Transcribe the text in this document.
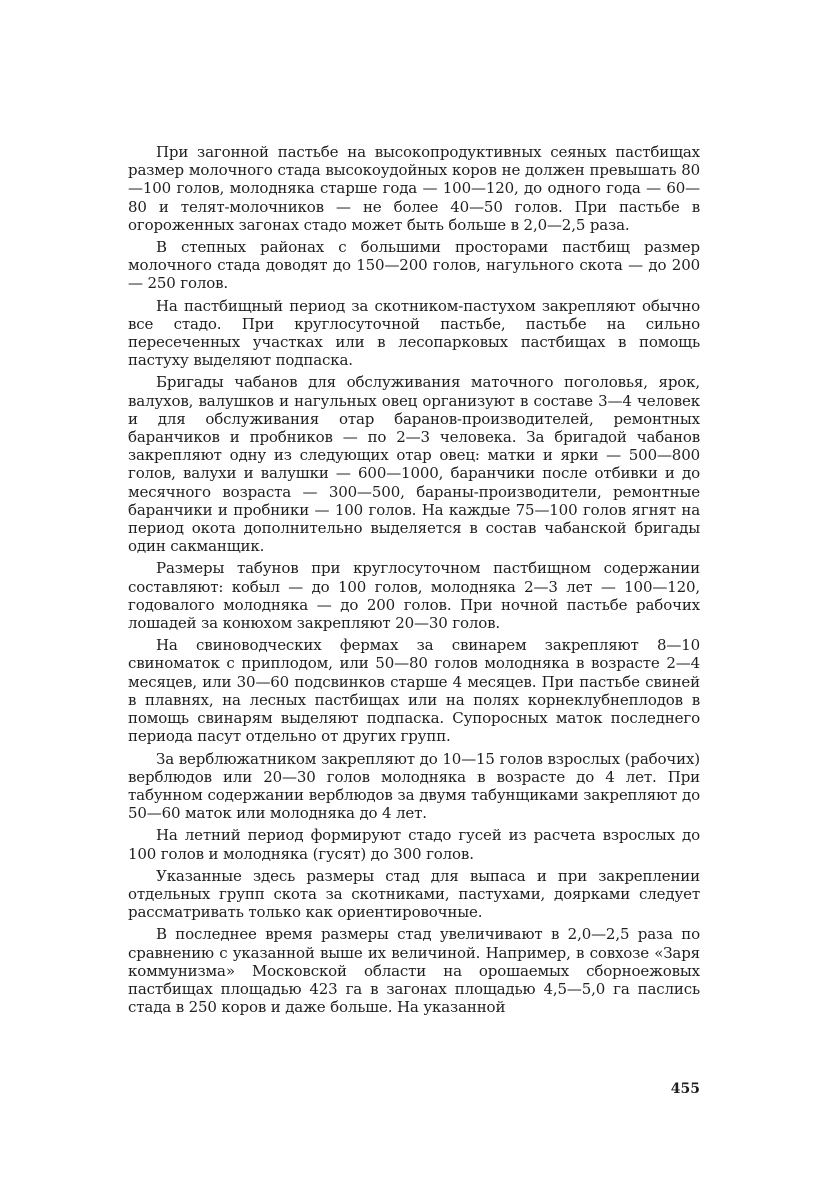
При загонной пастьбе на высокопродуктивных сеяных пастбищах размер молочного стада высокоудойных коров не должен превышать 80—100 голов, молодняка старше года — 100—120, до одного года — 60—80 и телят-молочников — не более 40—50 голов. При пастьбе в огороженных загонах стадо может быть больше в 2,0—2,5 раза.

В степных районах с большими просторами пастбищ размер молочного стада доводят до 150—200 голов, нагульного скота — до 200 — 250 голов.

На пастбищный период за скотником-пастухом закрепляют обычно все стадо. При круглосуточной пастьбе, пастьбе на сильно пересеченных участках или в лесопарковых пастбищах в помощь пастуху выделяют подпаска.

Бригады чабанов для обслуживания маточного поголовья, ярок, валухов, валушков и нагульных овец организуют в составе 3—4 человек и для обслуживания отар баранов-производителей, ремонтных баранчиков и пробников — по 2—3 человека. За бригадой чабанов закрепляют одну из следующих отар овец: матки и ярки — 500—800 голов, валухи и валушки — 600—1000, баранчики после отбивки и до месячного возраста — 300—500, бараны-производители, ремонтные баранчики и пробники — 100 голов. На каждые 75—100 голов ягнят на период окота дополнительно выделяется в состав чабанской бригады один сакманщик.

Размеры табунов при круглосуточном пастбищном содержании составляют: кобыл — до 100 голов, молодняка 2—3 лет — 100—120, годовалого молодняка — до 200 голов. При ночной пастьбе рабочих лошадей за конюхом закрепляют 20—30 голов.

На свиноводческих фермах за свинарем закрепляют 8—10 свиноматок с приплодом, или 50—80 голов молодняка в возрасте 2—4 месяцев, или 30—60 подсвинков старше 4 месяцев. При пастьбе свиней в плавнях, на лесных пастбищах или на полях корнеклубнеплодов в помощь свинарям выделяют подпаска. Супоросных маток последнего периода пасут отдельно от других групп.

За верблюжатником закрепляют до 10—15 голов взрослых (рабочих) верблюдов или 20—30 голов молодняка в возрасте до 4 лет. При табунном содержании верблюдов за двумя табунщиками закрепляют до 50—60 маток или молодняка до 4 лет.

На летний период формируют стадо гусей из расчета взрослых до 100 голов и молодняка (гусят) до 300 голов.

Указанные здесь размеры стад для выпаса и при закреплении отдельных групп скота за скотниками, пастухами, доярками следует рассматривать только как ориентировочные.

В последнее время размеры стад увеличивают в 2,0—2,5 раза по сравнению с указанной выше их величиной. Например, в совхозе «Заря коммунизма» Московской области на орошаемых сборноежовых пастбищах площадью 423 га в загонах площадью 4,5—5,0 га паслись стада в 250 коров и даже больше. На указанной

455
